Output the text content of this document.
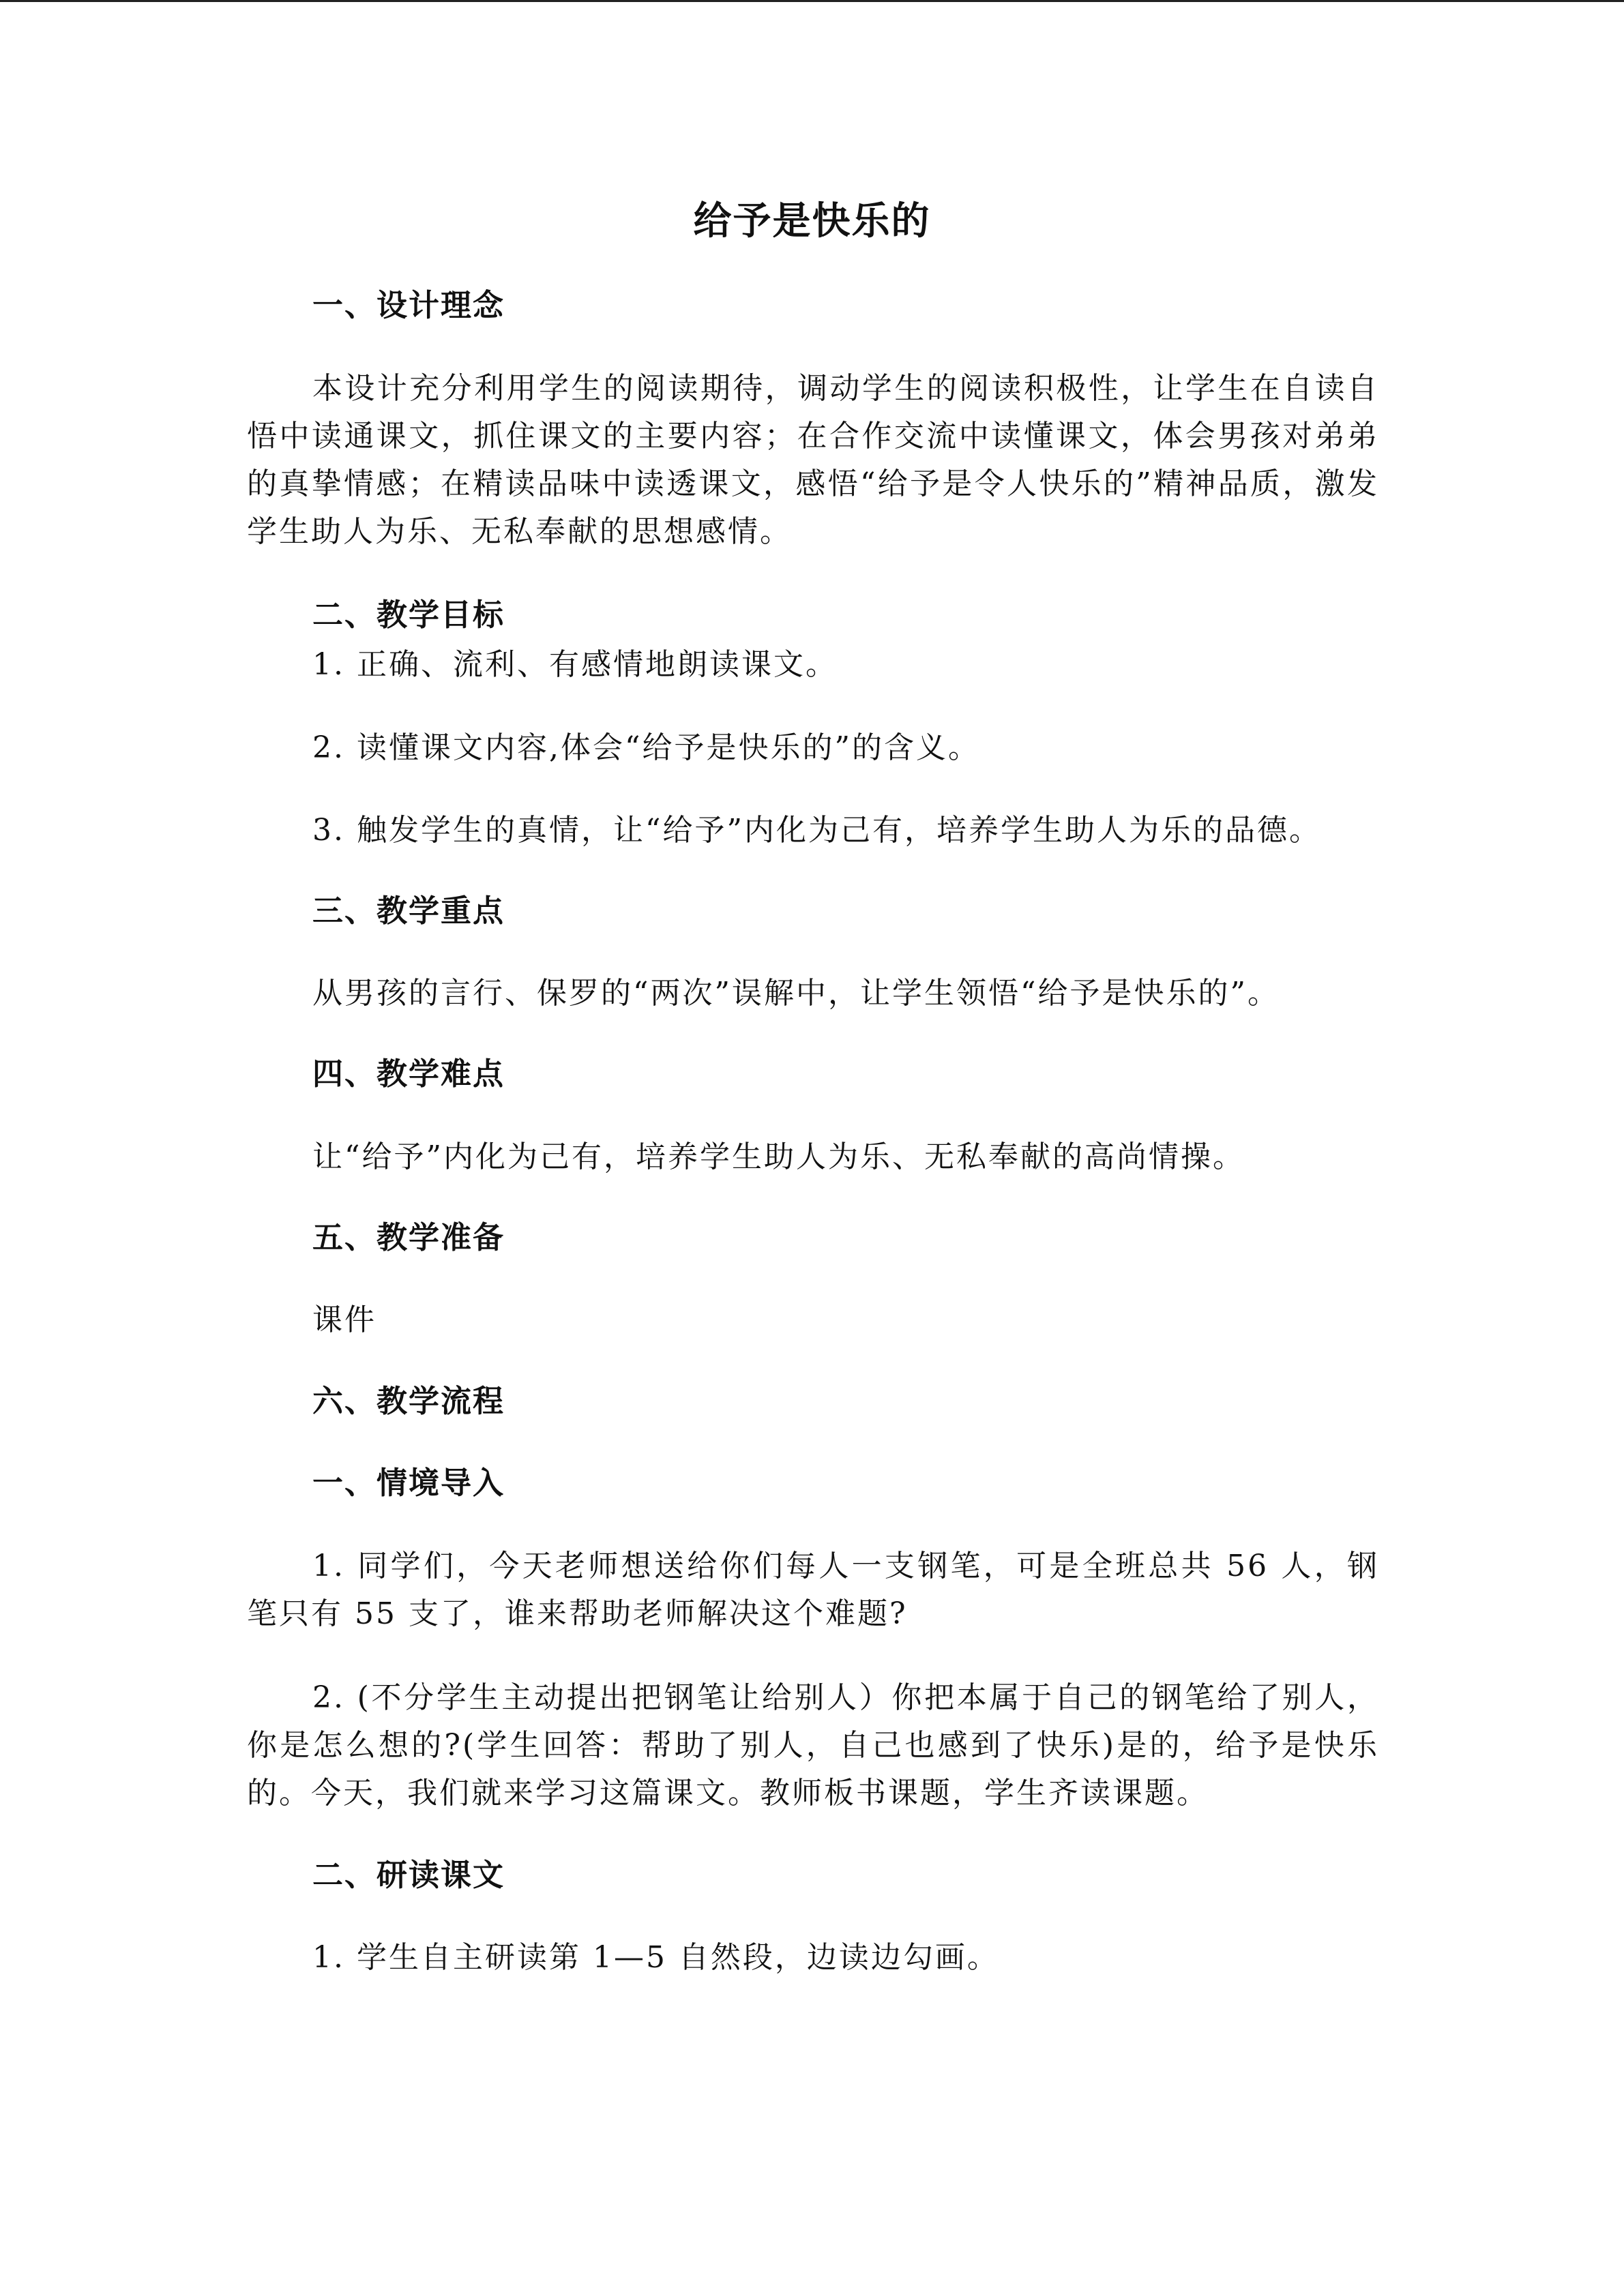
给予是快乐的
一、设计理念
本设计充分利用学生的阅读期待，调动学生的阅读积极性，让学生在自读自悟中读通课文，抓住课文的主要内容；在合作交流中读懂课文，体会男孩对弟弟的真挚情感；在精读品味中读透课文，感悟“给予是令人快乐的”精神品质，激发学生助人为乐、无私奉献的思想感情。
二、教学目标
1. 正确、流利、有感情地朗读课文。
2. 读懂课文内容,体会“给予是快乐的”的含义。
3. 触发学生的真情，让“给予”内化为己有，培养学生助人为乐的品德。
三、教学重点
从男孩的言行、保罗的“两次”误解中，让学生领悟“给予是快乐的”。
四、教学难点
让“给予”内化为己有，培养学生助人为乐、无私奉献的高尚情操。
五、教学准备
课件
六、教学流程
一、情境导入
1. 同学们，今天老师想送给你们每人一支钢笔，可是全班总共 56 人，钢笔只有 55 支了，谁来帮助老师解决这个难题?
2. (不分学生主动提出把钢笔让给别人）你把本属于自己的钢笔给了别人，你是怎么想的?(学生回答：帮助了别人，自己也感到了快乐)是的，给予是快乐的。今天，我们就来学习这篇课文。教师板书课题，学生齐读课题。
二、研读课文
1. 学生自主研读第 1—5 自然段，边读边勾画。
